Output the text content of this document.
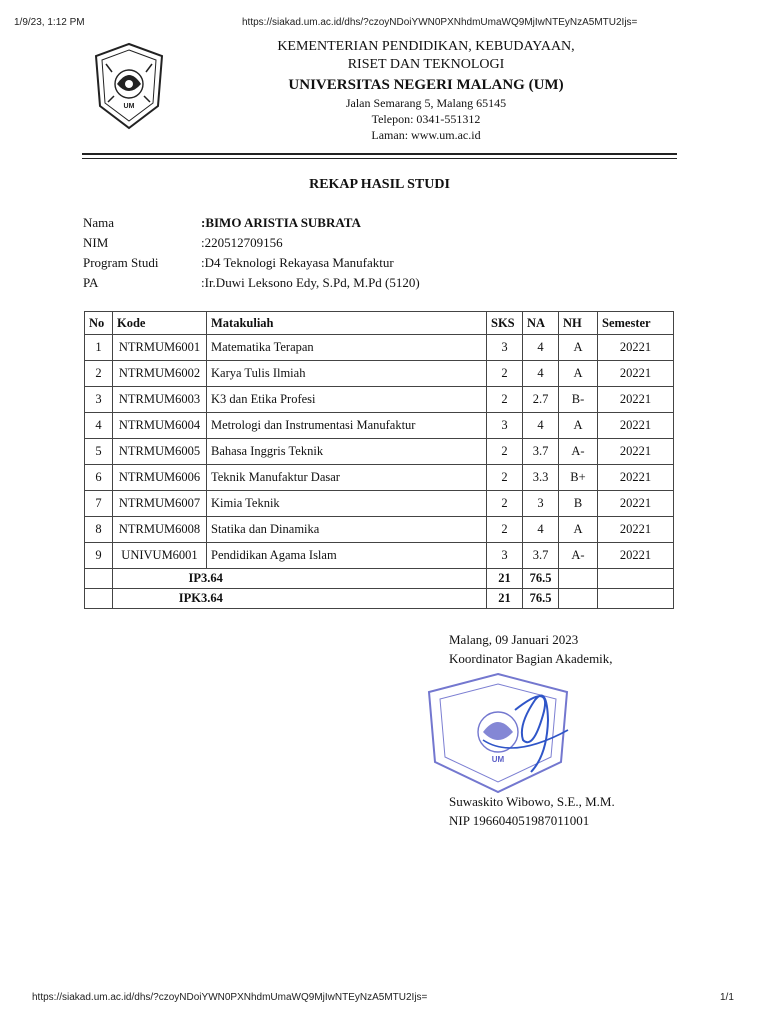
1/9/23, 1:12 PM	https://siakad.um.ac.id/dhs/?czoyNDoiYWN0PXNhdmUmaWQ9MjIwNTEyNzA5MTU2Ijs=
UM
KEMENTERIAN PENDIDIKAN, KEBUDAYAAN,
RISET DAN TEKNOLOGI
UNIVERSITAS NEGERI MALANG (UM)
Jalan Semarang 5, Malang 65145
Telepon: 0341-551312
Laman: www.um.ac.id
REKAP HASIL STUDI
Nama	:BIMO ARISTIA SUBRATA
NIM	:220512709156
Program Studi	:D4 Teknologi Rekayasa Manufaktur
PA	:Ir.Duwi Leksono Edy, S.Pd, M.Pd (5120)
No	Kode	Matakuliah	SKS	NA	NH	Semester
1	NTRMUM6001	Matematika Terapan	3	4	A	20221
2	NTRMUM6002	Karya Tulis Ilmiah	2	4	A	20221
3	NTRMUM6003	K3 dan Etika Profesi	2	2.7	B-	20221
4	NTRMUM6004	Metrologi dan Instrumentasi Manufaktur	3	4	A	20221
5	NTRMUM6005	Bahasa Inggris Teknik	2	3.7	A-	20221
6	NTRMUM6006	Teknik Manufaktur Dasar	2	3.3	B+	20221
7	NTRMUM6007	Kimia Teknik	2	3	B	20221
8	NTRMUM6008	Statika dan Dinamika	2	4	A	20221
9	UNIVUM6001	Pendidikan Agama Islam	3	3.7	A-	20221
	IP3.64		21	76.5		
	IPK3.64		21	76.5		
Malang, 09 Januari 2023
Koordinator Bagian Akademik,
UM
Suwaskito Wibowo, S.E., M.M.
NIP 196604051987011001
https://siakad.um.ac.id/dhs/?czoyNDoiYWN0PXNhdmUmaWQ9MjIwNTEyNzA5MTU2Ijs=	1/1
